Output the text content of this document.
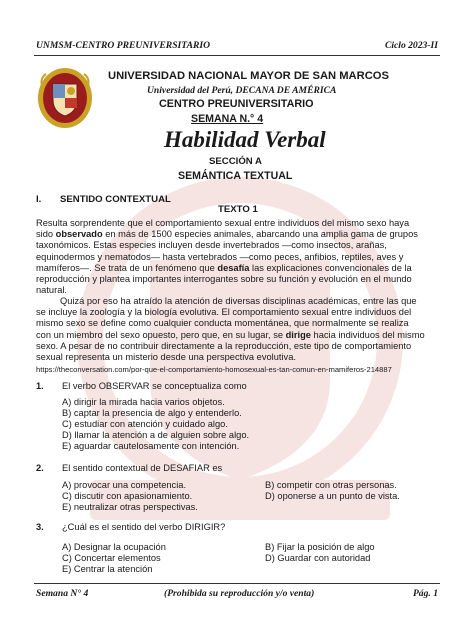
UNMSM-CENTRO PREUNIVERSITARIO	Ciclo 2023-II
UNIVERSIDAD NACIONAL MAYOR DE SAN MARCOS
Universidad del Perú, DECANA DE AMÉRICA
CENTRO PREUNIVERSITARIO
SEMANA N.° 4
Habilidad Verbal
SECCIÓN A
SEMÁNTICA TEXTUAL
I. SENTIDO CONTEXTUAL
TEXTO 1
Resulta sorprendente que el comportamiento sexual entre individuos del mismo sexo haya
sido observado en más de 1500 especies animales, abarcando una amplia gama de grupos
taxonómicos. Estas especies incluyen desde invertebrados —como insectos, arañas,
equinodermos y nematodos— hasta vertebrados —como peces, anfibios, reptiles, aves y
mamíferos—. Se trata de un fenómeno que desafía las explicaciones convencionales de la
reproducción y plantea importantes interrogantes sobre su función y evolución en el mundo
natural.
Quizá por eso ha atraído la atención de diversas disciplinas académicas, entre las que
se incluye la zoología y la biología evolutiva. El comportamiento sexual entre individuos del
mismo sexo se define como cualquier conducta momentánea, que normalmente se realiza
con un miembro del sexo opuesto, pero que, en su lugar, se dirige hacia individuos del mismo
sexo. A pesar de no contribuir directamente a la reproducción, este tipo de comportamiento
sexual representa un misterio desde una perspectiva evolutiva.
https://theconversation.com/por-que-el-comportamiento-homosexual-es-tan-comun-en-mamiferos-214887
1. El verbo OBSERVAR se conceptualiza como
A) dirigir la mirada hacia varios objetos.
B) captar la presencia de algo y entenderlo.
C) estudiar con atención y cuidado algo.
D) llamar la atención a de alguien sobre algo.
E) aguardar cautelosamente con intención.
2. El sentido contextual de DESAFIAR es
A) provocar una competencia.	B) competir con otras personas.
C) discutir con apasionamiento.	D) oponerse a un punto de vista.
E) neutralizar otras perspectivas.
3. ¿Cuál es el sentido del verbo DIRIGIR?
A) Designar la ocupación	B) Fijar la posición de algo
C) Concertar elementos	D) Guardar con autoridad
E) Centrar la atención
Semana N° 4	(Prohibida su reproducción y/o venta)	Pág. 1
